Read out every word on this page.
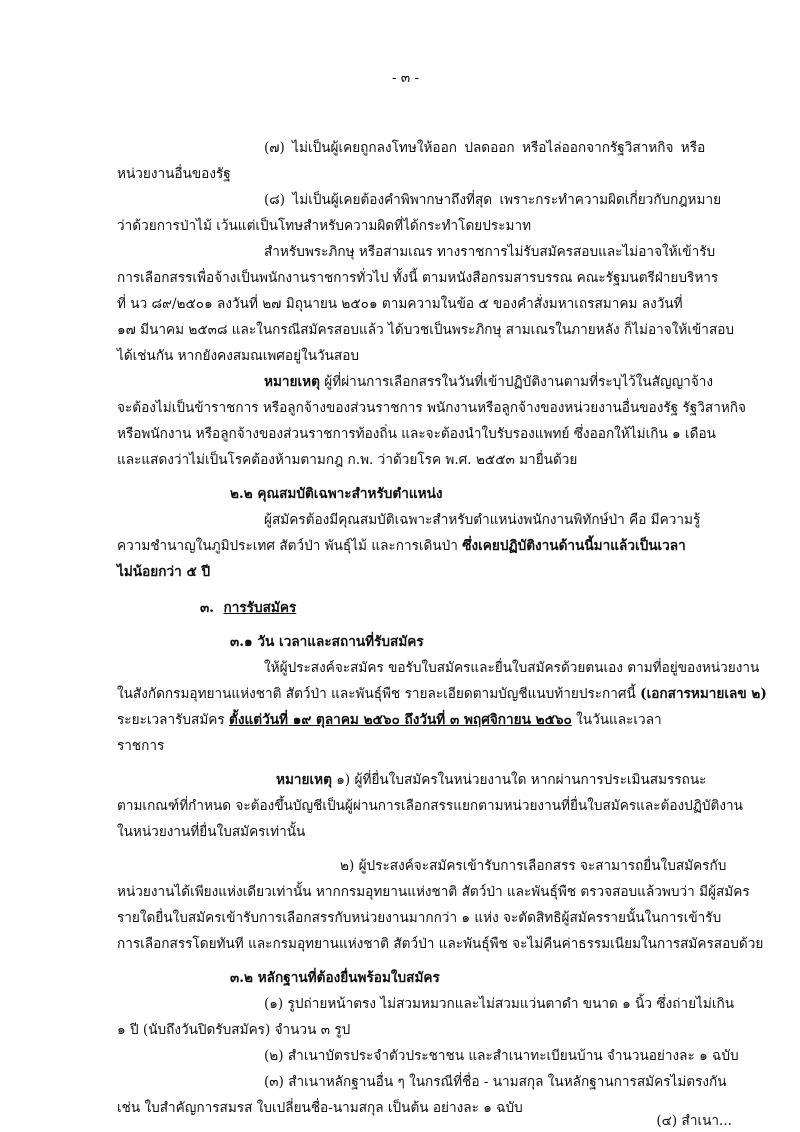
- ๓ -
(๗) ไม่เป็นผู้เคยถูกลงโทษให้ออก ปลดออก หรือไล่ออกจากรัฐวิสาหกิจ หรือ
หน่วยงานอื่นของรัฐ
(๘) ไม่เป็นผู้เคยต้องคำพิพากษาถึงที่สุด เพราะกระทำความผิดเกี่ยวกับกฎหมาย
ว่าด้วยการป่าไม้ เว้นแต่เป็นโทษสำหรับความผิดที่ได้กระทำโดยประมาท
สำหรับพระภิกษุ หรือสามเณร ทางราชการไม่รับสมัครสอบและไม่อาจให้เข้ารับ
การเลือกสรรเพื่อจ้างเป็นพนักงานราชการทั่วไป ทั้งนี้ ตามหนังสือกรมสารบรรณ คณะรัฐมนตรีฝ่ายบริหาร
ที่ นว ๘๙/๒๕๐๑ ลงวันที่ ๒๗ มิถุนายน ๒๕๐๑ ตามความในข้อ ๕ ของคำสั่งมหาเถรสมาคม ลงวันที่
๑๗ มีนาคม ๒๕๓๘ และในกรณีสมัครสอบแล้ว ได้บวชเป็นพระภิกษุ สามเณรในภายหลัง ก็ไม่อาจให้เข้าสอบ
ได้เช่นกัน หากยังคงสมณเพศอยู่ในวันสอบ
หมายเหตุ ผู้ที่ผ่านการเลือกสรรในวันที่เข้าปฏิบัติงานตามที่ระบุไว้ในสัญญาจ้าง
จะต้องไม่เป็นข้าราชการ หรือลูกจ้างของส่วนราชการ พนักงานหรือลูกจ้างของหน่วยงานอื่นของรัฐ รัฐวิสาหกิจ
หรือพนักงาน หรือลูกจ้างของส่วนราชการท้องถิ่น และจะต้องนำใบรับรองแพทย์ ซึ่งออกให้ไม่เกิน ๑ เดือน
และแสดงว่าไม่เป็นโรคต้องห้ามตามกฎ ก.พ. ว่าด้วยโรค พ.ศ. ๒๕๕๓ มายื่นด้วย
๒.๒ คุณสมบัติเฉพาะสำหรับตำแหน่ง
ผู้สมัครต้องมีคุณสมบัติเฉพาะสำหรับตำแหน่งพนักงานพิทักษ์ป่า คือ มีความรู้
ความชำนาญในภูมิประเทศ สัตว์ป่า พันธุ์ไม้ และการเดินป่า ซึ่งเคยปฏิบัติงานด้านนี้มาแล้วเป็นเวลา
ไม่น้อยกว่า ๕ ปี
๓. การรับสมัคร
๓.๑ วัน เวลาและสถานที่รับสมัคร
ให้ผู้ประสงค์จะสมัคร ขอรับใบสมัครและยื่นใบสมัครด้วยตนเอง ตามที่อยู่ของหน่วยงาน
ในสังกัดกรมอุทยานแห่งชาติ สัตว์ป่า และพันธุ์พืช รายละเอียดตามบัญชีแนบท้ายประกาศนี้ (เอกสารหมายเลข ๒)
ระยะเวลารับสมัคร ตั้งแต่วันที่ ๑๙ ตุลาคม ๒๕๖๐ ถึงวันที่ ๓ พฤศจิกายน ๒๕๖๐ ในวันและเวลา
ราชการ
หมายเหตุ ๑) ผู้ที่ยื่นใบสมัครในหน่วยงานใด หากผ่านการประเมินสมรรถนะ
ตามเกณฑ์ที่กำหนด จะต้องขึ้นบัญชีเป็นผู้ผ่านการเลือกสรรแยกตามหน่วยงานที่ยื่นใบสมัครและต้องปฏิบัติงาน
ในหน่วยงานที่ยื่นใบสมัครเท่านั้น
๒) ผู้ประสงค์จะสมัครเข้ารับการเลือกสรร จะสามารถยื่นใบสมัครกับ
หน่วยงานได้เพียงแห่งเดียวเท่านั้น หากกรมอุทยานแห่งชาติ สัตว์ป่า และพันธุ์พืช ตรวจสอบแล้วพบว่า มีผู้สมัคร
รายใดยื่นใบสมัครเข้ารับการเลือกสรรกับหน่วยงานมากกว่า ๑ แห่ง จะตัดสิทธิผู้สมัครรายนั้นในการเข้ารับ
การเลือกสรรโดยทันที และกรมอุทยานแห่งชาติ สัตว์ป่า และพันธุ์พืช จะไม่คืนค่าธรรมเนียมในการสมัครสอบด้วย
๓.๒ หลักฐานที่ต้องยื่นพร้อมใบสมัคร
(๑) รูปถ่ายหน้าตรง ไม่สวมหมวกและไม่สวมแว่นตาดำ ขนาด ๑ นิ้ว ซึ่งถ่ายไม่เกิน
๑ ปี (นับถึงวันปิดรับสมัคร) จำนวน ๓ รูป
(๒) สำเนาบัตรประจำตัวประชาชน และสำเนาทะเบียนบ้าน จำนวนอย่างละ ๑ ฉบับ
(๓) สำเนาหลักฐานอื่น ๆ ในกรณีที่ชื่อ - นามสกุล ในหลักฐานการสมัครไม่ตรงกัน
เช่น ใบสำคัญการสมรส ใบเปลี่ยนชื่อ-นามสกุล เป็นต้น อย่างละ ๑ ฉบับ
(๔) สำเนา...
